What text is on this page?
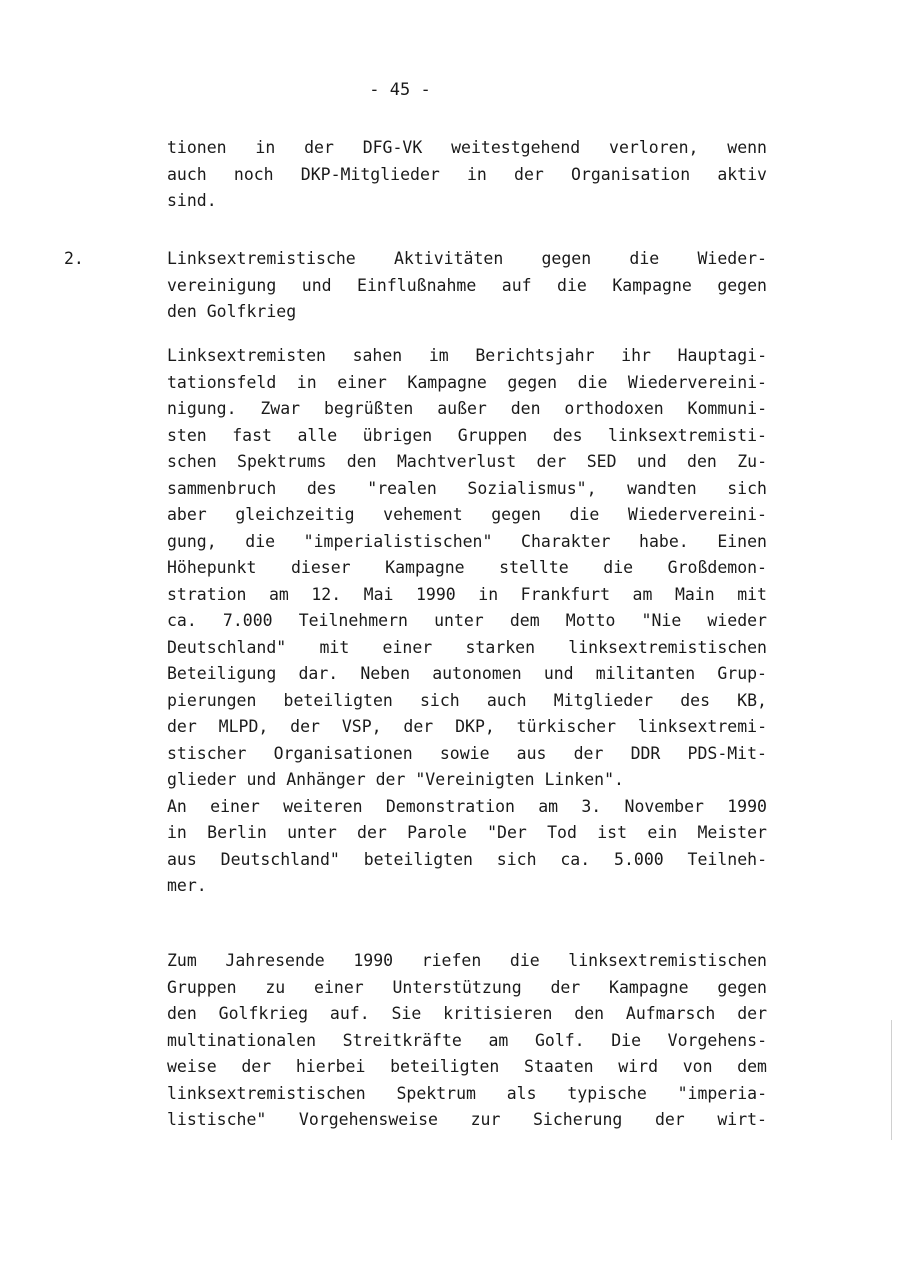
- 45 -
tionen in der DFG-VK weitestgehend verloren, wenn
auch noch DKP-Mitglieder in der Organisation aktiv
sind.
2.	Linksextremistische Aktivitäten gegen die Wieder-
vereinigung und Einflußnahme auf die Kampagne gegen
den Golfkrieg
Linksextremisten sahen im Berichtsjahr ihr Hauptagi-
tationsfeld in einer Kampagne gegen die Wiedervereini-
nigung. Zwar begrüßten außer den orthodoxen Kommuni-
sten fast alle übrigen Gruppen des linksextremisti-
schen Spektrums den Machtverlust der SED und den Zu-
sammenbruch des "realen Sozialismus", wandten sich
aber gleichzeitig vehement gegen die Wiedervereini-
gung, die "imperialistischen" Charakter habe. Einen
Höhepunkt dieser Kampagne stellte die Großdemon-
stration am 12. Mai 1990 in Frankfurt am Main mit
ca. 7.000 Teilnehmern unter dem Motto "Nie wieder
Deutschland" mit einer starken linksextremistischen
Beteiligung dar. Neben autonomen und militanten Grup-
pierungen beteiligten sich auch Mitglieder des KB,
der MLPD, der VSP, der DKP, türkischer linksextremi-
stischer Organisationen sowie aus der DDR PDS-Mit-
glieder und Anhänger der "Vereinigten Linken".
An einer weiteren Demonstration am 3. November 1990
in Berlin unter der Parole "Der Tod ist ein Meister
aus Deutschland" beteiligten sich ca. 5.000 Teilneh-
mer.
Zum Jahresende 1990 riefen die linksextremistischen
Gruppen zu einer Unterstützung der Kampagne gegen
den Golfkrieg auf. Sie kritisieren den Aufmarsch der
multinationalen Streitkräfte am Golf. Die Vorgehens-
weise der hierbei beteiligten Staaten wird von dem
linksextremistischen Spektrum als typische "imperia-
listische" Vorgehensweise zur Sicherung der wirt-
